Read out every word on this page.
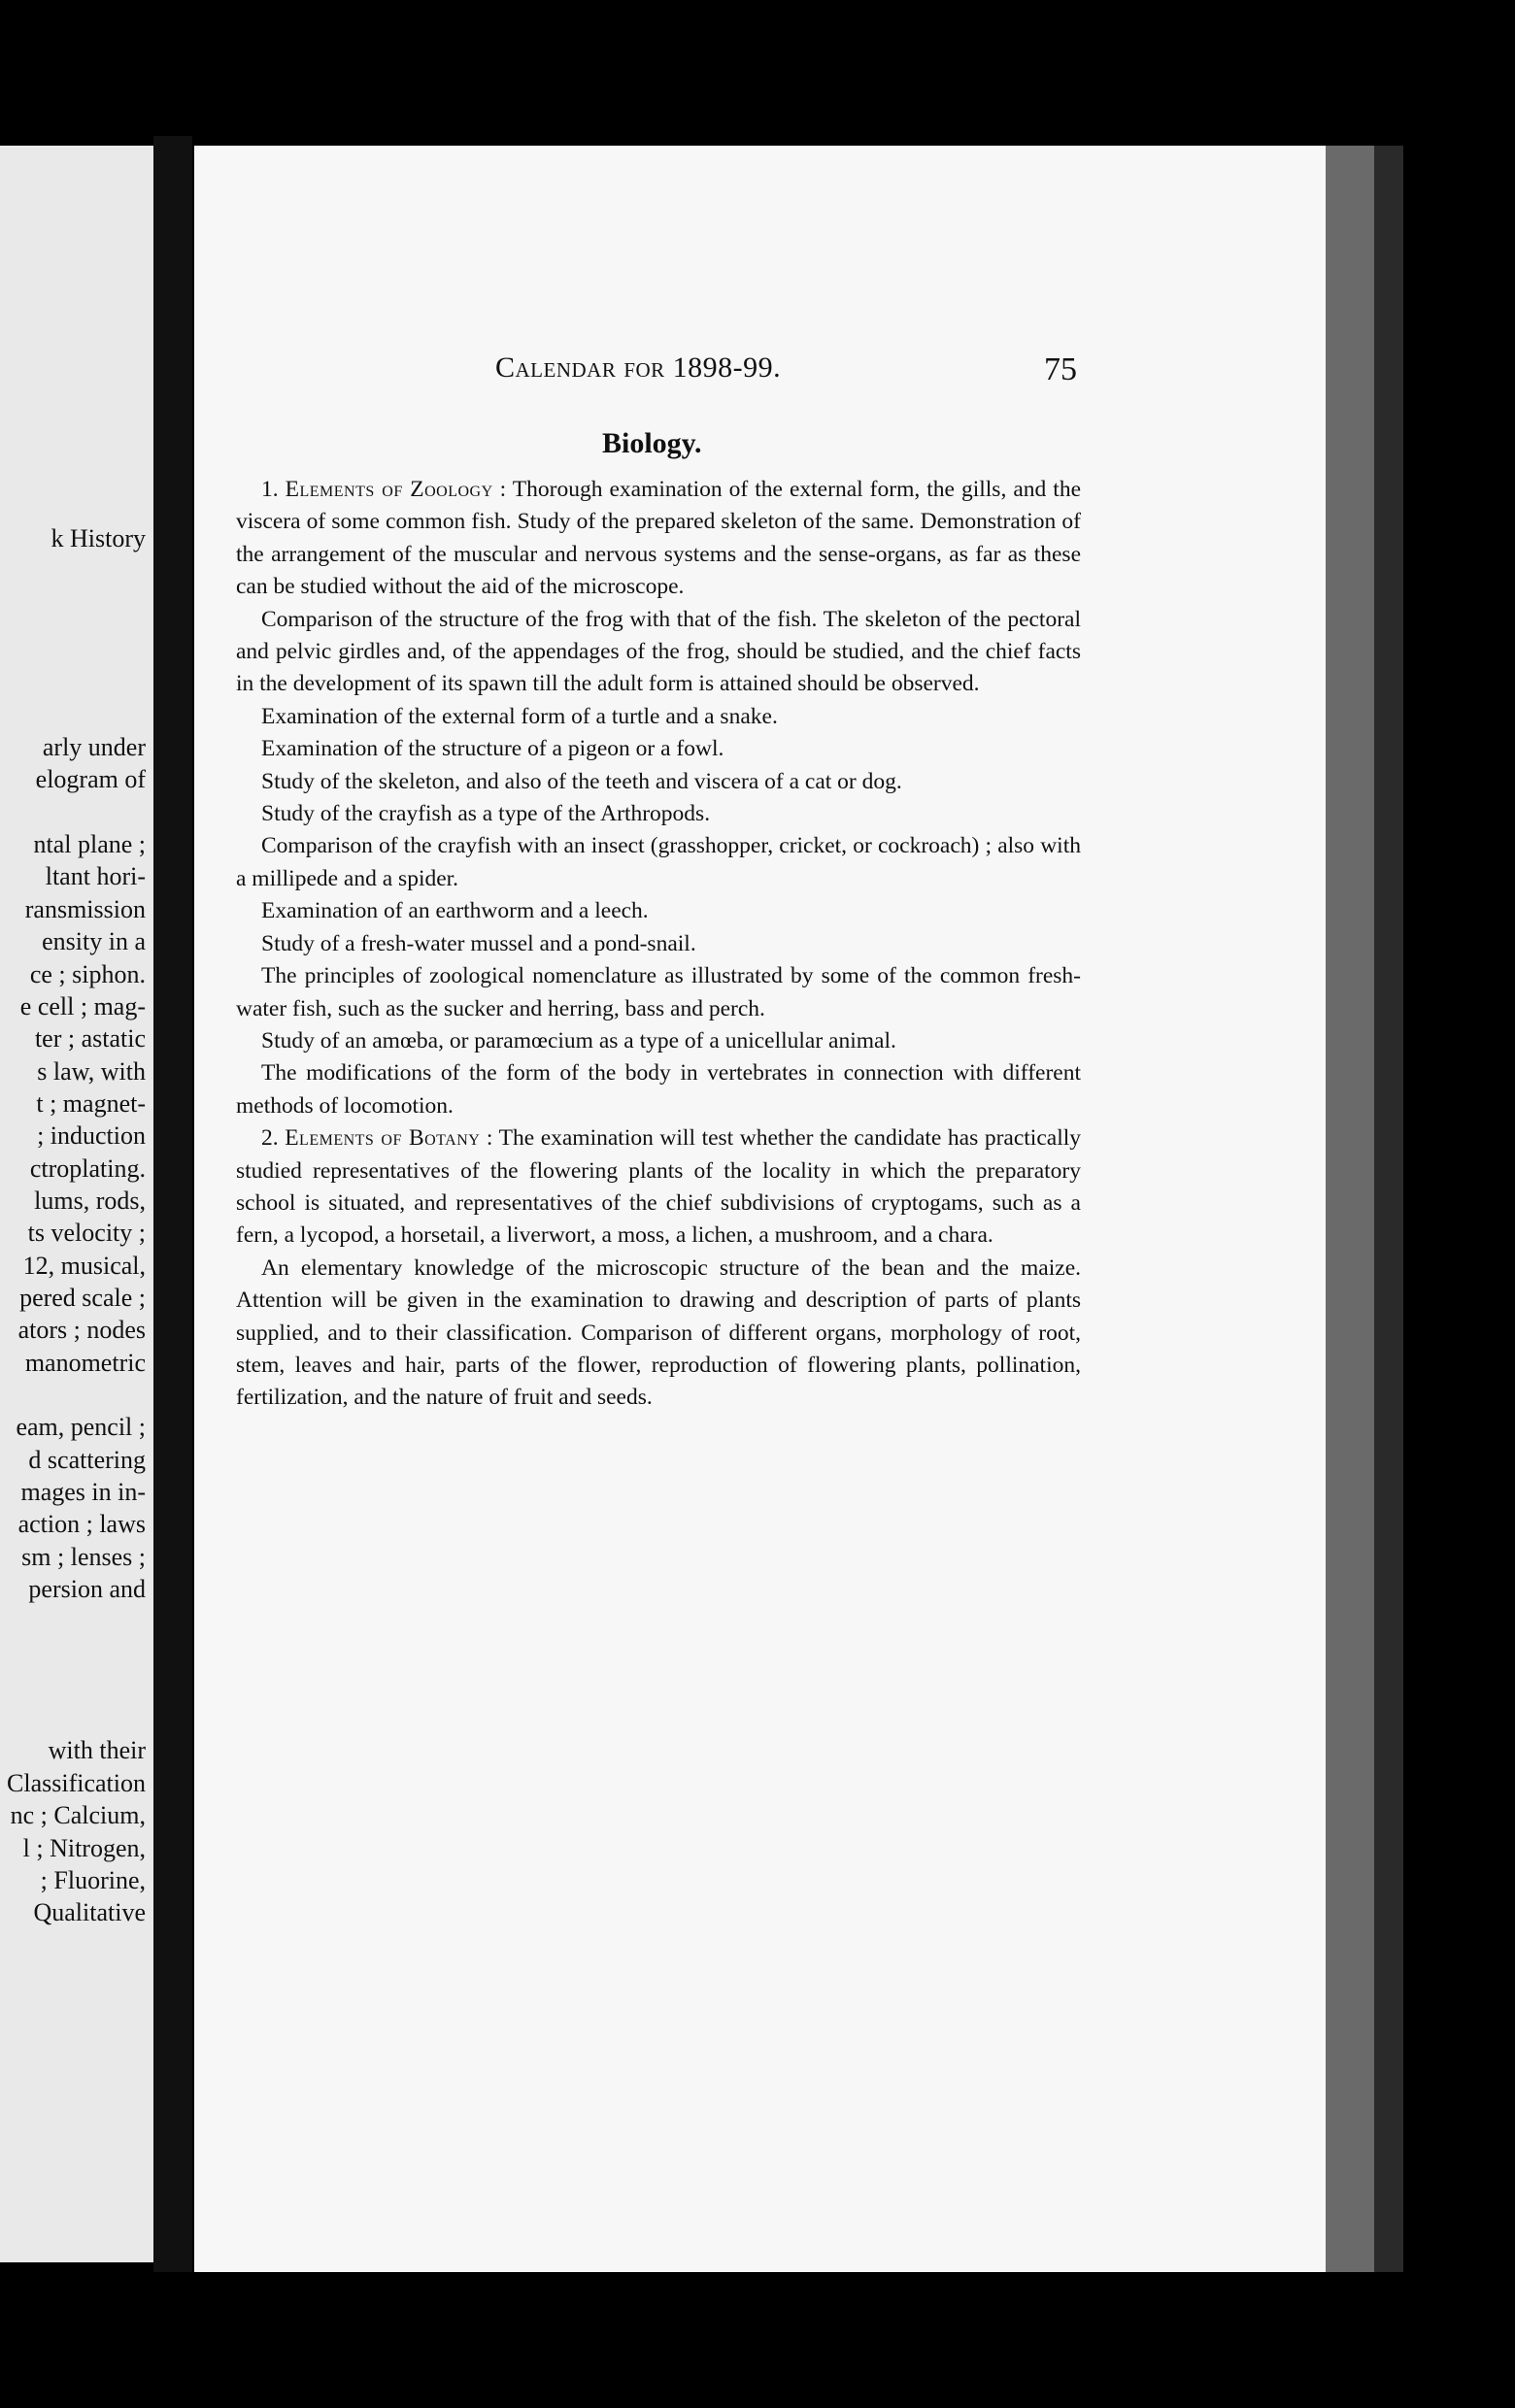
k History
arly under
elogram of
ntal plane ;
ltant hori-
ransmission
ensity in a
ce ; siphon.
e cell ; mag-
ter ; astatic
s law, with
t ; magnet-
; induction
ctroplating.
lums, rods,
ts velocity ;
12, musical,
pered scale ;
ators ; nodes
manometric
eam, pencil ;
d scattering
mages in in-
action ; laws
sm ; lenses ;
persion and
with their
Classification
nc ; Calcium,
l ; Nitrogen,
; Fluorine,
Qualitative
Calendar for 1898-99.	75
Biology.

1. Elements of Zoology : Thorough examination of the external form, the gills, and the viscera of some common fish. Study of the prepared skeleton of the same. Demonstration of the arrangement of the muscular and nervous systems and the sense-organs, as far as these can be studied without the aid of the microscope.

Comparison of the structure of the frog with that of the fish. The skeleton of the pectoral and pelvic girdles and, of the appendages of the frog, should be studied, and the chief facts in the development of its spawn till the adult form is attained should be observed.

Examination of the external form of a turtle and a snake.

Examination of the structure of a pigeon or a fowl.

Study of the skeleton, and also of the teeth and viscera of a cat or dog.

Study of the crayfish as a type of the Arthropods.

Comparison of the crayfish with an insect (grasshopper, cricket, or cockroach) ; also with a millipede and a spider.

Examination of an earthworm and a leech.

Study of a fresh-water mussel and a pond-snail.

The principles of zoological nomenclature as illustrated by some of the common fresh-water fish, such as the sucker and herring, bass and perch.

Study of an amœba, or paramœcium as a type of a unicellular animal.

The modifications of the form of the body in vertebrates in connection with different methods of locomotion.

2. Elements of Botany : The examination will test whether the candidate has practically studied representatives of the flowering plants of the locality in which the preparatory school is situated, and representatives of the chief subdivisions of cryptogams, such as a fern, a lycopod, a horsetail, a liverwort, a moss, a lichen, a mushroom, and a chara.

An elementary knowledge of the microscopic structure of the bean and the maize. Attention will be given in the examination to drawing and description of parts of plants supplied, and to their classification. Comparison of different organs, morphology of root, stem, leaves and hair, parts of the flower, reproduction of flowering plants, pollination, fertilization, and the nature of fruit and seeds.
